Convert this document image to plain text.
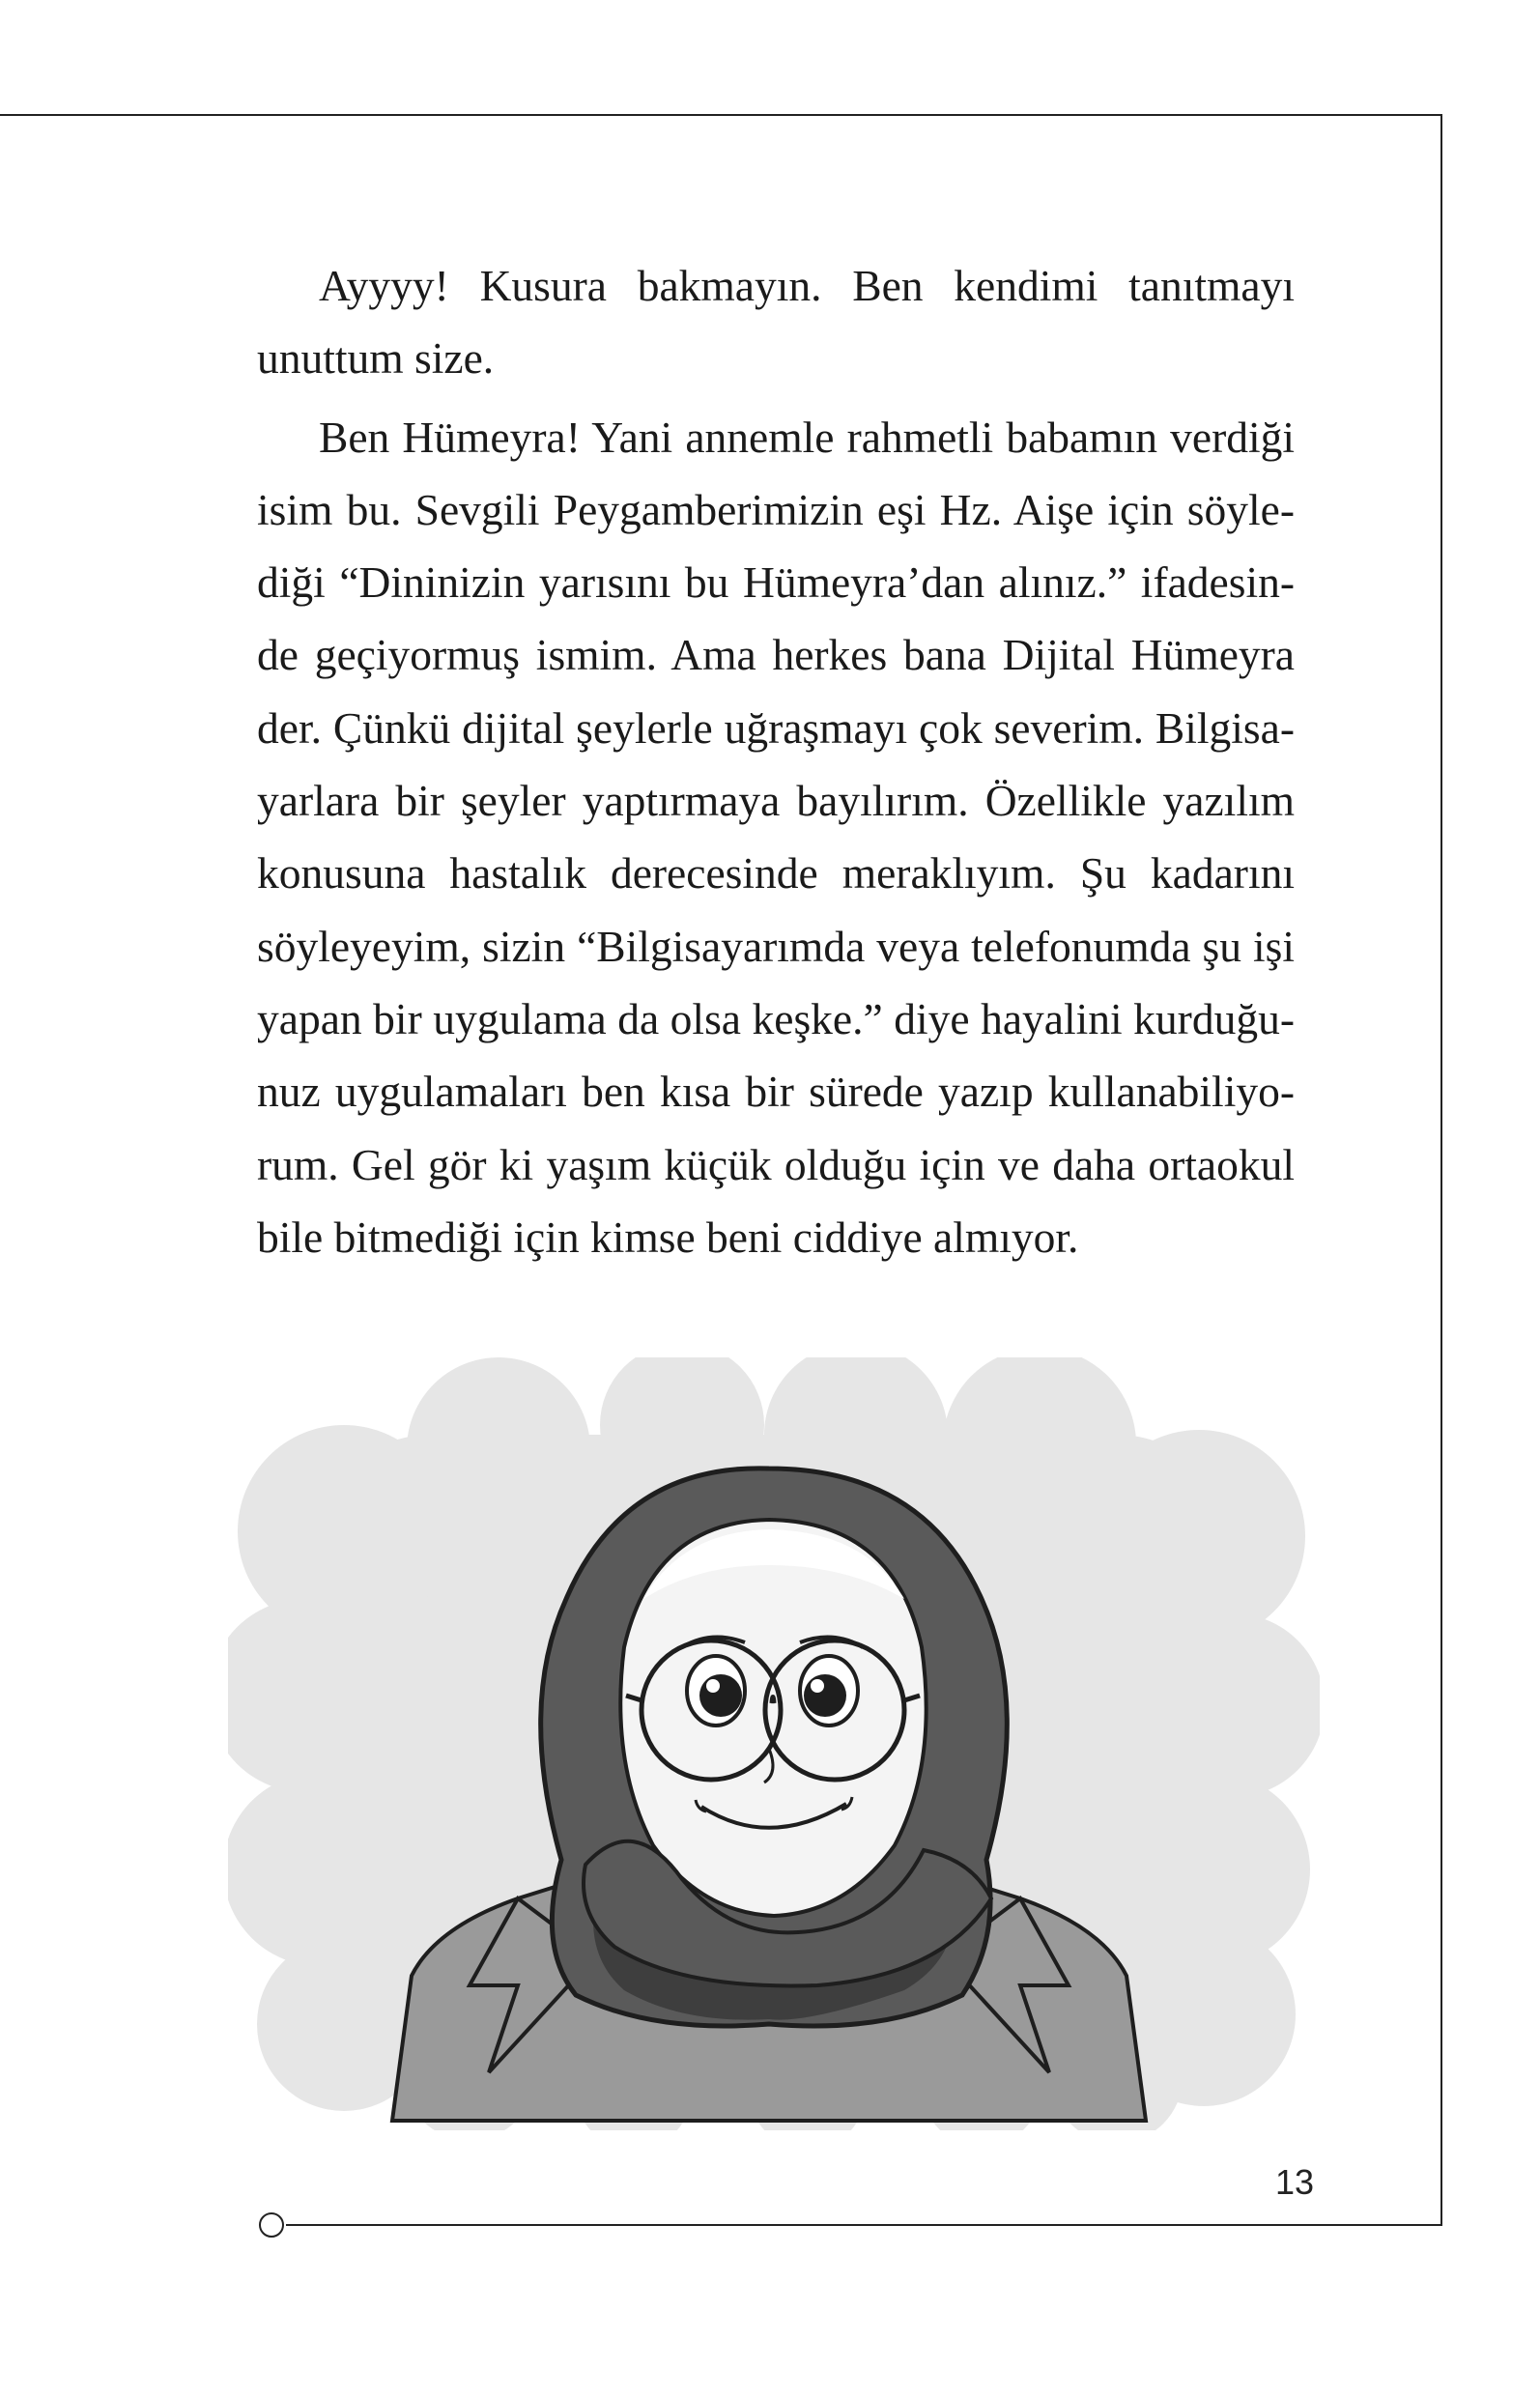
Ayyyy! Kusura bakmayın. Ben kendimi tanıtmayı unuttum size.

Ben Hümeyra! Yani annemle rahmetli babamın verdiği isim bu. Sevgili Peygamberimizin eşi Hz. Aişe için söylediği “Dininizin yarısını bu Hümeyra’dan alınız.” ifadesinde geçiyormuş ismim. Ama herkes bana Dijital Hümeyra der. Çünkü dijital şeylerle uğraşmayı çok severim. Bilgisayarlara bir şeyler yaptırmaya bayılırım. Özellikle yazılım konusuna hastalık derecesinde meraklıyım. Şu kadarını söyleyeyim, sizin “Bilgisayarımda veya telefonumda şu işi yapan bir uygulama da olsa keşke.” diye hayalini kurduğunuz uygulamaları ben kısa bir sürede yazıp kullanabiliyorum. Gel gör ki yaşım küçük olduğu için ve daha ortaokul bile bitmediği için kimse beni ciddiye almıyor.

13
